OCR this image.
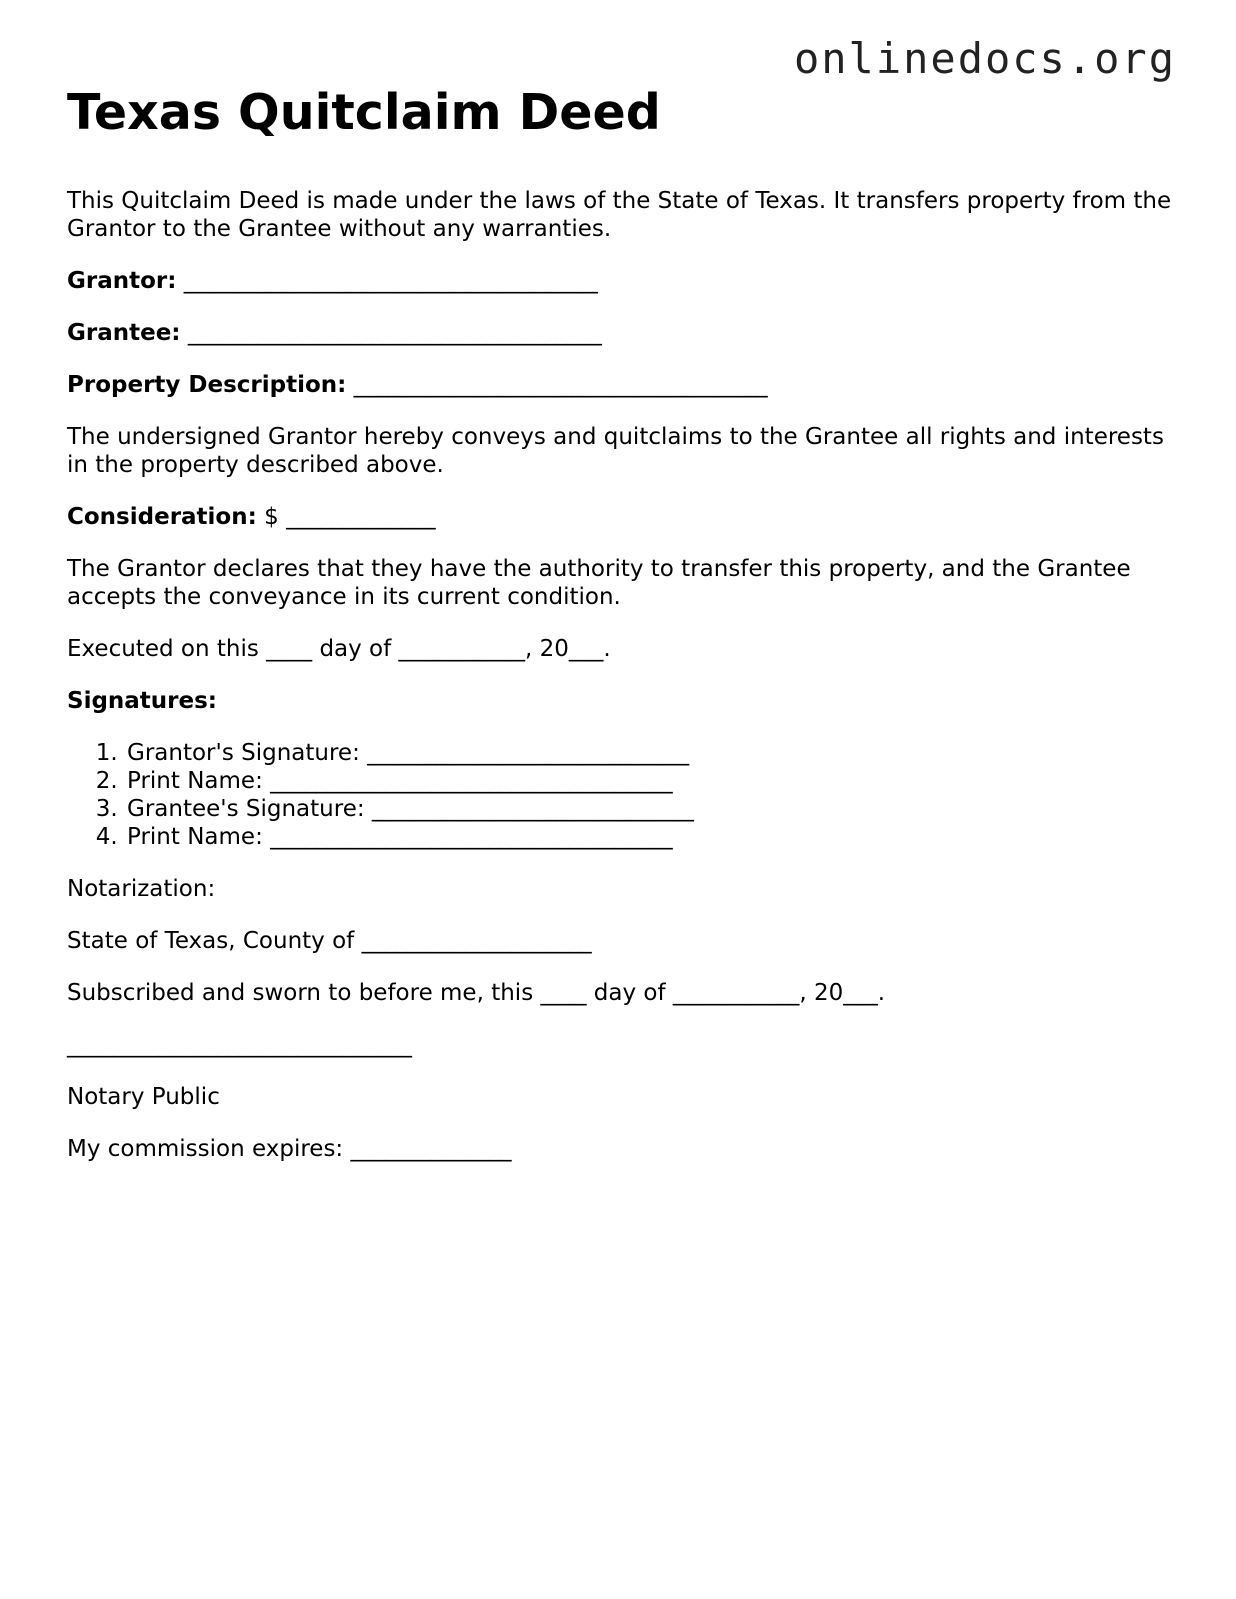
onlinedocs.org
Texas Quitclaim Deed

This Quitclaim Deed is made under the laws of the State of Texas. It transfers property from the Grantor to the Grantee without any warranties.

Grantor: ____________________________________

Grantee: ____________________________________

Property Description: ____________________________________

The undersigned Grantor hereby conveys and quitclaims to the Grantee all rights and interests in the property described above.

Consideration: $ _____________

The Grantor declares that they have the authority to transfer this property, and the Grantee accepts the conveyance in its current condition.

Executed on this ____ day of ___________, 20___.

Signatures:

1. Grantor's Signature: ____________________________
2. Print Name: ___________________________________
3. Grantee's Signature: ____________________________
4. Print Name: ___________________________________

Notarization:

State of Texas, County of ____________________

Subscribed and sworn to before me, this ____ day of ___________, 20___.

______________________________

Notary Public

My commission expires: ______________
